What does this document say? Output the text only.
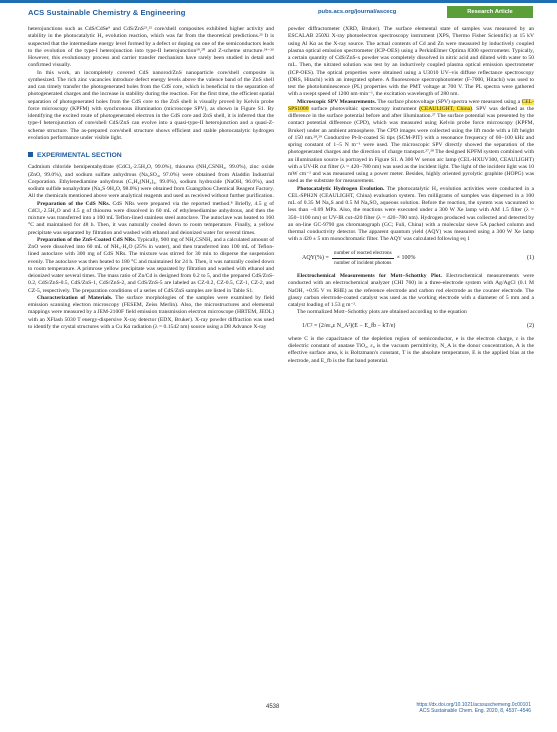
ACS Sustainable Chemistry & Engineering	pubs.acs.org/journal/ascecg	Research Article

heterojunctions such as CdS/CdSe⁹ and CdS/ZnS²¹,²² core/shell composites exhibited higher activity and stability in the photocatalytic H₂ evolution reaction, which was far from the theoretical predictions.²³ It is suspected that the intermediate energy level formed by a defect or doping on one of the semiconductors leads to the evolution of the type-I heterojunction into type-II heterojunction¹⁹,²⁰ and Z-scheme structure.²⁴⁻²⁶ However, this evolutionary process and carrier transfer mechanism have rarely been studied in detail and confirmed visually.

In this work, an incompletely covered CdS nanorod/ZnS nanoparticle core/shell composite is synthesized. The rich zinc vacancies introduce defect energy levels above the valence band of the ZnS shell and can timely transfer the photogenerated holes from the CdS core, which is beneficial to the separation of photogenerated charges and the increase in stability during the reaction. For the first time, the efficient spatial separation of photogenerated holes from the CdS core to the ZnS shell is visually proved by Kelvin probe force microscopy (KPFM) with synchronous illumination (microscope SPV), as shown in Figure S1. By identifying the excited route of photogenerated electron in the CdS core and ZnS shell, it is inferred that the type-I heterojunction of core/shell CdS/ZnS can evolve into a quasi-type-II heterojunction and a quasi-Z-scheme structure. The as-prepared core/shell structure shows efficient and stable photocatalytic hydrogen evolution performance under visible light.

EXPERIMENTAL SECTION

Cadmium chloride hemipentahydrate (CdCl₂·2.5H₂O, 99.0%), thiourea (NH₂CSNH₂, 99.0%), zinc oxide (ZnO, 99.0%), and sodium sulfate anhydrous (Na₂SO₄, 97.0%) were obtained from Aladdin Industrial Corporation. Ethylenediamine anhydrous (C₂H₄(NH₂)₂, 99.0%), sodium hydroxide (NaOH, 96.0%), and sodium sulfide nonahydrate (Na₂S·9H₂O, 98.0%) were obtained from Guangzhou Chemical Reagent Factory. All the chemicals mentioned above were analytical reagents and used as received without further purification.

Preparation of the CdS NRs. CdS NRs were prepared via the reported method.⁸ Briefly, 4.5 g of CdCl₂·2.5H₂O and 4.5 g of thiourea were dissolved in 60 mL of ethylenediamine anhydrous, and then the mixture was transferred into a 100 mL Teflon-lined stainless steel autoclave. The autoclave was heated to 160 °C and maintained for 48 h. Then, it was naturally cooled down to room temperature. Finally, a yellow precipitate was separated by filtration and washed with ethanol and deionized water for several times.

Preparation of the ZnS-Coated CdS NRs. Typically, 900 mg of NH₂CSNH₂ and a calculated amount of ZnO were dissolved into 60 mL of NH₃·H₂O (25% in water), and then transferred into 100 mL of Teflon-lined autoclave with 300 mg of CdS NRs. The mixture was stirred for 30 min to disperse the suspension evenly. The autoclave was then heated to 180 °C and maintained for 24 h. Then, it was naturally cooled down to room temperature. A primrose yellow precipitate was separated by filtration and washed with ethanol and deionized water several times. The mass ratio of Zn/Cd is designed from 0.2 to 5, and the prepared CdS/ZnS-0.2, CdS/ZnS-0.5, CdS/ZnS-1, CdS/ZnS-2, and CdS/ZnS-5 are labeled as CZ-0.2, CZ-0.5, CZ-1, CZ-2, and CZ-5, respectively. The preparation conditions of a series of CdS/ZnS samples are listed in Table S1.

Characterization of Materials. The surface morphologies of the samples were examined by field emission scanning electron microscopy (FESEM, Zeiss Merlin). Also, the microstructures and elemental mappings were measured by a JEM-2100F field emission transmission electron microscope (HRTEM, JEOL) with an XFlash 5030 T energy-dispersive X-ray detector (EDX, Bruker). X-ray powder diffraction was used to identify the crystal structures with a Cu Kα radiation (λ = 0.1542 nm) source using a D8 Advance X-ray

powder diffractometer (XRD, Bruker). The surface elemental state of samples was measured by an ESCALAB 250Xi X-ray photoelectron spectroscopy instrument (XPS, Thermo Fisher Scientific) at 15 kV using Al Kα as the X-ray source. The actual contents of Cd and Zn were measured by inductively coupled plasma optical emission spectrometer (ICP-OES) using a PerkinElmer Optima 8300 spectrometer. Typically, a certain quantity of CdS/ZnS-x powder was completely dissolved in nitric acid and diluted with water to 50 mL. Then, the nitrated solution was test by an inductively coupled plasma optical emission spectrometer (ICP-OES). The optical properties were obtained using a U3010 UV–vis diffuse reflectance spectroscopy (DRS, Hitachi) with an integrated sphere. A fluorescence spectrophotometer (F-7000, Hitachi) was used to test the photoluminescence (PL) properties with the PMT voltage at 700 V. The PL spectra were gathered with a swept speed of 1200 nm·min⁻¹, the excitation wavelength of 280 nm.

Microscopic SPV Measurements. The surface photovoltage (SPV) spectra were measured using a CEL-SPS1000 surface photovoltaic spectroscopy instrument (CEAULIGHT, China). SPV was defined as the difference in the surface potential before and after illumination.²⁷ The surface potential was presented by the contact potential difference (CPD), which was measured using Kelvin probe force microscopy (KPFM, Bruker) under an ambient atmosphere. The CPD images were collected using the lift mode with a lift height of 150 nm.²⁸,²⁹ Conductive Pt-Ir-coated Si tips (SCM-PIT) with a resonance frequency of 60−100 kHz and spring constant of 1−5 N m⁻¹ were used. The microscopic SPV directly showed the separation of the photogenerated charges and the direction of charge transport.²⁷,²⁸ The designed KPFM system combined with an illumination source is portrayed in Figure S1. A 300 W xenon arc lamp (CEL-HXUV300, CEAULIGHT) with a UV-IR cut filter (λ = 420−780 nm) was used as the incident light. The light of the incident light was 10 mW cm⁻² and was measured using a power meter. Besides, highly oriented pyrolytic graphite (HOPG) was used as the substrate for measurement.

Photocatalytic Hydrogen Evolution. The photocatalytic H₂ evolution activities were conducted in a CEL-SPH2N (CEAULIGHT, China) evaluation system. Ten milligrams of samples was dispersed in a 100 mL of 0.35 M Na₂S and 0.5 M Na₂SO₃ aqueous solution. Before the reaction, the system was vacuumed to less than −0.09 MPa. Also, the reactions were executed under a 300 W Xe lamp with AM 1.5 filter (λ = 350−1100 nm) or UV-IR cut-420 filter (λ = 420−780 nm). Hydrogen produced was collected and detected by an on-line GC-9790 gas chromatograph (GC; Fuli, China) with a molecular sieve 5A packed column and thermal conductivity detector. The apparent quantum yield (AQY) was measured using a 300 W Xe lamp with a 420 ± 5 nm monochromatic filter. The AQY was calculated following eq 1

$AQY(\%) = \frac{\text{number of reacted electrons}}{\text{number of incident photons}} \times 100\%$	(1)

Electrochemical Measurements for Mott−Schottky Plot. Electrochemical measurements were conducted with an electrochemical analyzer (CHI 760) in a three-electrode system with Ag/AgCl (0.1 M NaOH, +0.95 V vs RHE) as the reference electrode and carbon rod electrode as the counter electrode. The glassy carbon electrode-coated catalyst was used as the working electrode with a diameter of 5 mm and a catalyst loading of 1.53 g m⁻².

The normalized Mott−Schottky plots are obtained according to the equation

1/C² = (2/eε₀ε N_A²)(E − E_fb − kT/e)	(2)

where C is the capacitance of the depletion region of semiconductor, e is the electron charge, ε is the dielectric constant of anatase TiO₂, ε₀ is the vacuum permittivity, N_A is the donor concentration, A is the effective surface area, k is Boltzmann's constant, T is the absolute temperature, E is the applied bias at the electrode, and E_fb is the flat band potential.

4538	https://dx.doi.org/10.1021/acssuschemeng.0c00101
ACS Sustainable Chem. Eng. 2020, 8, 4537−4546
